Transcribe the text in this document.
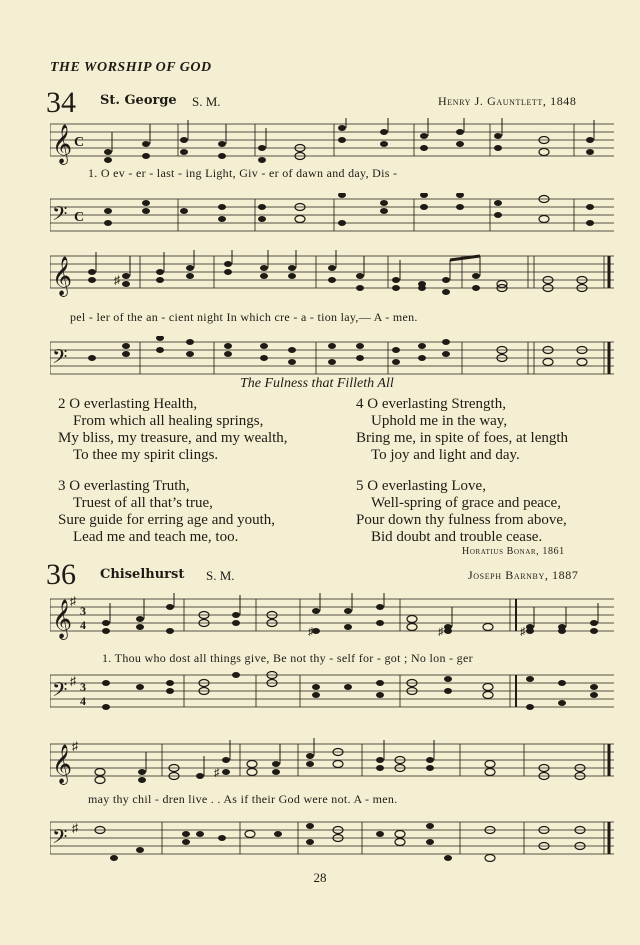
THE WORSHIP OF GOD
34 St. George S. M.	Henry J. Gauntlett, 1848
𝄞 C
1. O ev - er - last - ing Light, Giv - er of dawn and day, Dis -
𝄢 C
𝄞	♯
pel - ler of the an - cient night In which cre - a - tion lay,— A - men.
𝄢
The Fulness that Filleth All
2 O everlasting Health,
From which all healing springs,
My bliss, my treasure, and my wealth,
To thee my spirit clings.
3 O everlasting Truth,
Truest of all that’s true,
Sure guide for erring age and youth,
Lead me and teach me, too.
4 O everlasting Strength,
Uphold me in the way,
Bring me, in spite of foes, at length
To joy and light and day.
5 O everlasting Love,
Well-spring of grace and peace,
Pour down thy fulness from above,
Bid doubt and trouble cease.
Horatius Bonar, 1861
36 Chiselhurst S. M.	Joseph Barnby, 1887
𝄞
♯
3
4	♯	♯	♯
1. Thou who dost all things give, Be not thy - self for - got ; No lon - ger
𝄢 ♯ 3
4
𝄞 ♯
♯
may thy chil - dren live . . As if their God were not. A - men.
𝄢 ♯
28
